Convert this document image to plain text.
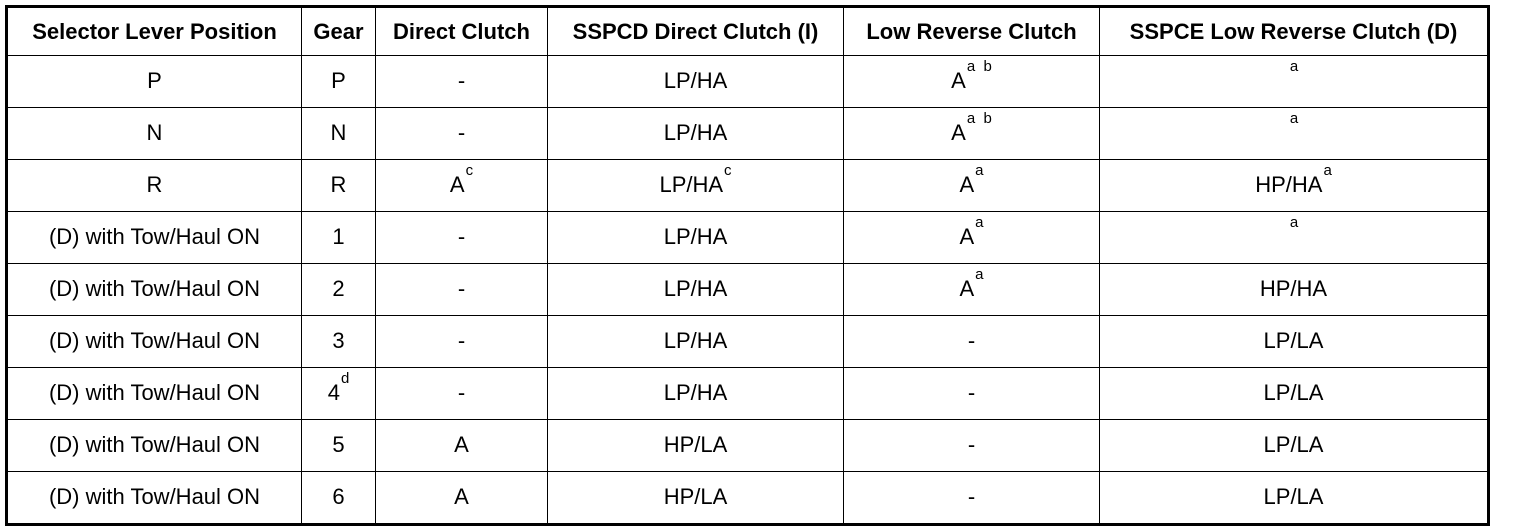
Selector Lever Position	Gear	Direct Clutch	SSPCD Direct Clutch (I)	Low Reverse Clutch	SSPCE Low Reverse Clutch (D)
P	P	-	LP/HA	$A^{a b}$	$^a$
N	N	-	LP/HA	$A^{a b}$	$^a$
R	R	$A^c$	$LP/HA^c$	$A^a$	$HP/HA^a$
(D) with Tow/Haul ON	1	-	LP/HA	$A^a$	$^a$
(D) with Tow/Haul ON	2	-	LP/HA	$A^a$	HP/HA
(D) with Tow/Haul ON	3	-	LP/HA	-	LP/LA
(D) with Tow/Haul ON	4$^d$	-	LP/HA	-	LP/LA
(D) with Tow/Haul ON	5	A	HP/LA	-	LP/LA
(D) with Tow/Haul ON	6	A	HP/LA	-	LP/LA
